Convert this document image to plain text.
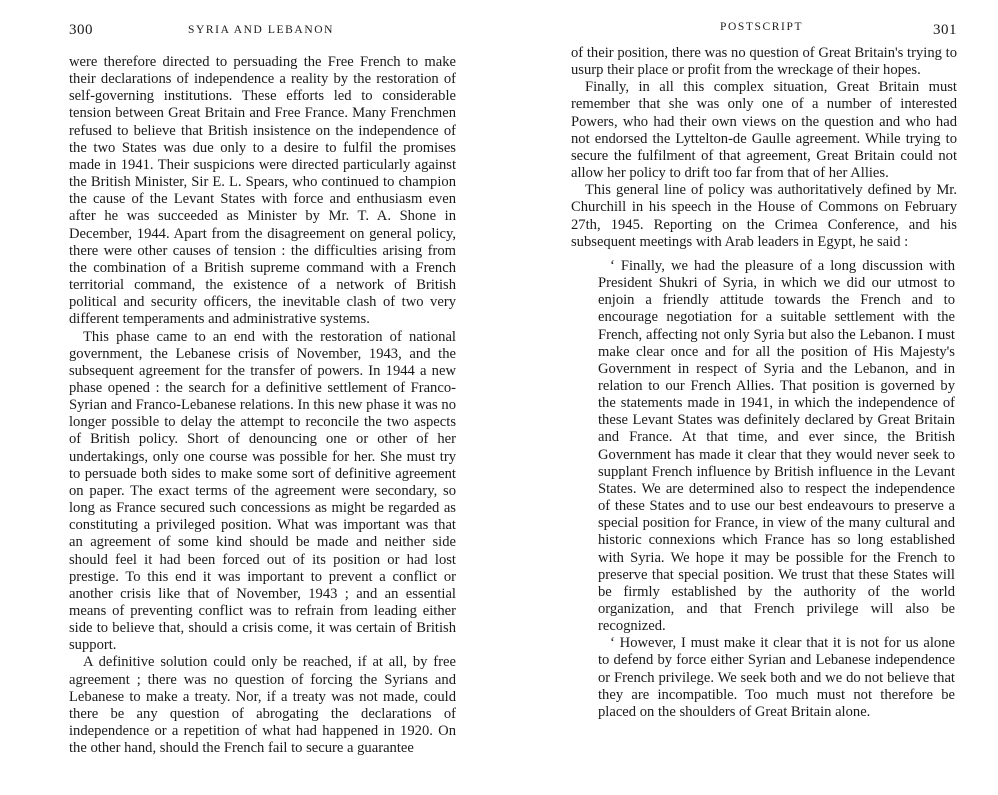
300	SYRIA AND LEBANON

were therefore directed to persuading the Free French to make their declarations of independence a reality by the restoration of self-governing institutions. These efforts led to considerable tension between Great Britain and Free France. Many Frenchmen refused to believe that British insistence on the independence of the two States was due only to a desire to fulfil the promises made in 1941. Their suspicions were directed particularly against the British Minister, Sir E. L. Spears, who continued to champion the cause of the Levant States with force and enthusiasm even after he was succeeded as Minister by Mr. T. A. Shone in December, 1944. Apart from the disagreement on general policy, there were other causes of tension : the difficulties arising from the combination of a British supreme command with a French territorial command, the existence of a network of British political and security officers, the inevitable clash of two very different temperaments and administrative systems.

This phase came to an end with the restoration of national government, the Lebanese crisis of November, 1943, and the subsequent agreement for the transfer of powers. In 1944 a new phase opened : the search for a definitive settlement of Franco-Syrian and Franco-Lebanese relations. In this new phase it was no longer possible to delay the attempt to reconcile the two aspects of British policy. Short of denouncing one or other of her undertakings, only one course was possible for her. She must try to persuade both sides to make some sort of definitive agreement on paper. The exact terms of the agreement were secondary, so long as France secured such concessions as might be regarded as constituting a privileged position. What was important was that an agreement of some kind should be made and neither side should feel it had been forced out of its position or had lost prestige. To this end it was important to prevent a conflict or another crisis like that of November, 1943 ; and an essential means of preventing conflict was to refrain from leading either side to believe that, should a crisis come, it was certain of British support.

A definitive solution could only be reached, if at all, by free agreement ; there was no question of forcing the Syrians and Lebanese to make a treaty. Nor, if a treaty was not made, could there be any question of abrogating the declarations of independence or a repetition of what had happened in 1920. On the other hand, should the French fail to secure a guarantee

POSTSCRIPT	301

of their position, there was no question of Great Britain's trying to usurp their place or profit from the wreckage of their hopes.

Finally, in all this complex situation, Great Britain must remember that she was only one of a number of interested Powers, who had their own views on the question and who had not endorsed the Lyttelton-de Gaulle agreement. While trying to secure the fulfilment of that agreement, Great Britain could not allow her policy to drift too far from that of her Allies.

This general line of policy was authoritatively defined by Mr. Churchill in his speech in the House of Commons on February 27th, 1945. Reporting on the Crimea Conference, and his subsequent meetings with Arab leaders in Egypt, he said :

‘ Finally, we had the pleasure of a long discussion with President Shukri of Syria, in which we did our utmost to enjoin a friendly attitude towards the French and to encourage negotiation for a suitable settlement with the French, affecting not only Syria but also the Lebanon. I must make clear once and for all the position of His Majesty's Government in respect of Syria and the Lebanon, and in relation to our French Allies. That position is governed by the statements made in 1941, in which the independence of these Levant States was definitely declared by Great Britain and France. At that time, and ever since, the British Government has made it clear that they would never seek to supplant French influence by British influence in the Levant States. We are determined also to respect the independence of these States and to use our best endeavours to preserve a special position for France, in view of the many cultural and historic connexions which France has so long established with Syria. We hope it may be possible for the French to preserve that special position. We trust that these States will be firmly established by the authority of the world organization, and that French privilege will also be recognized.

‘ However, I must make it clear that it is not for us alone to defend by force either Syrian and Lebanese independence or French privilege. We seek both and we do not believe that they are incompatible. Too much must not therefore be placed on the shoulders of Great Britain alone.
